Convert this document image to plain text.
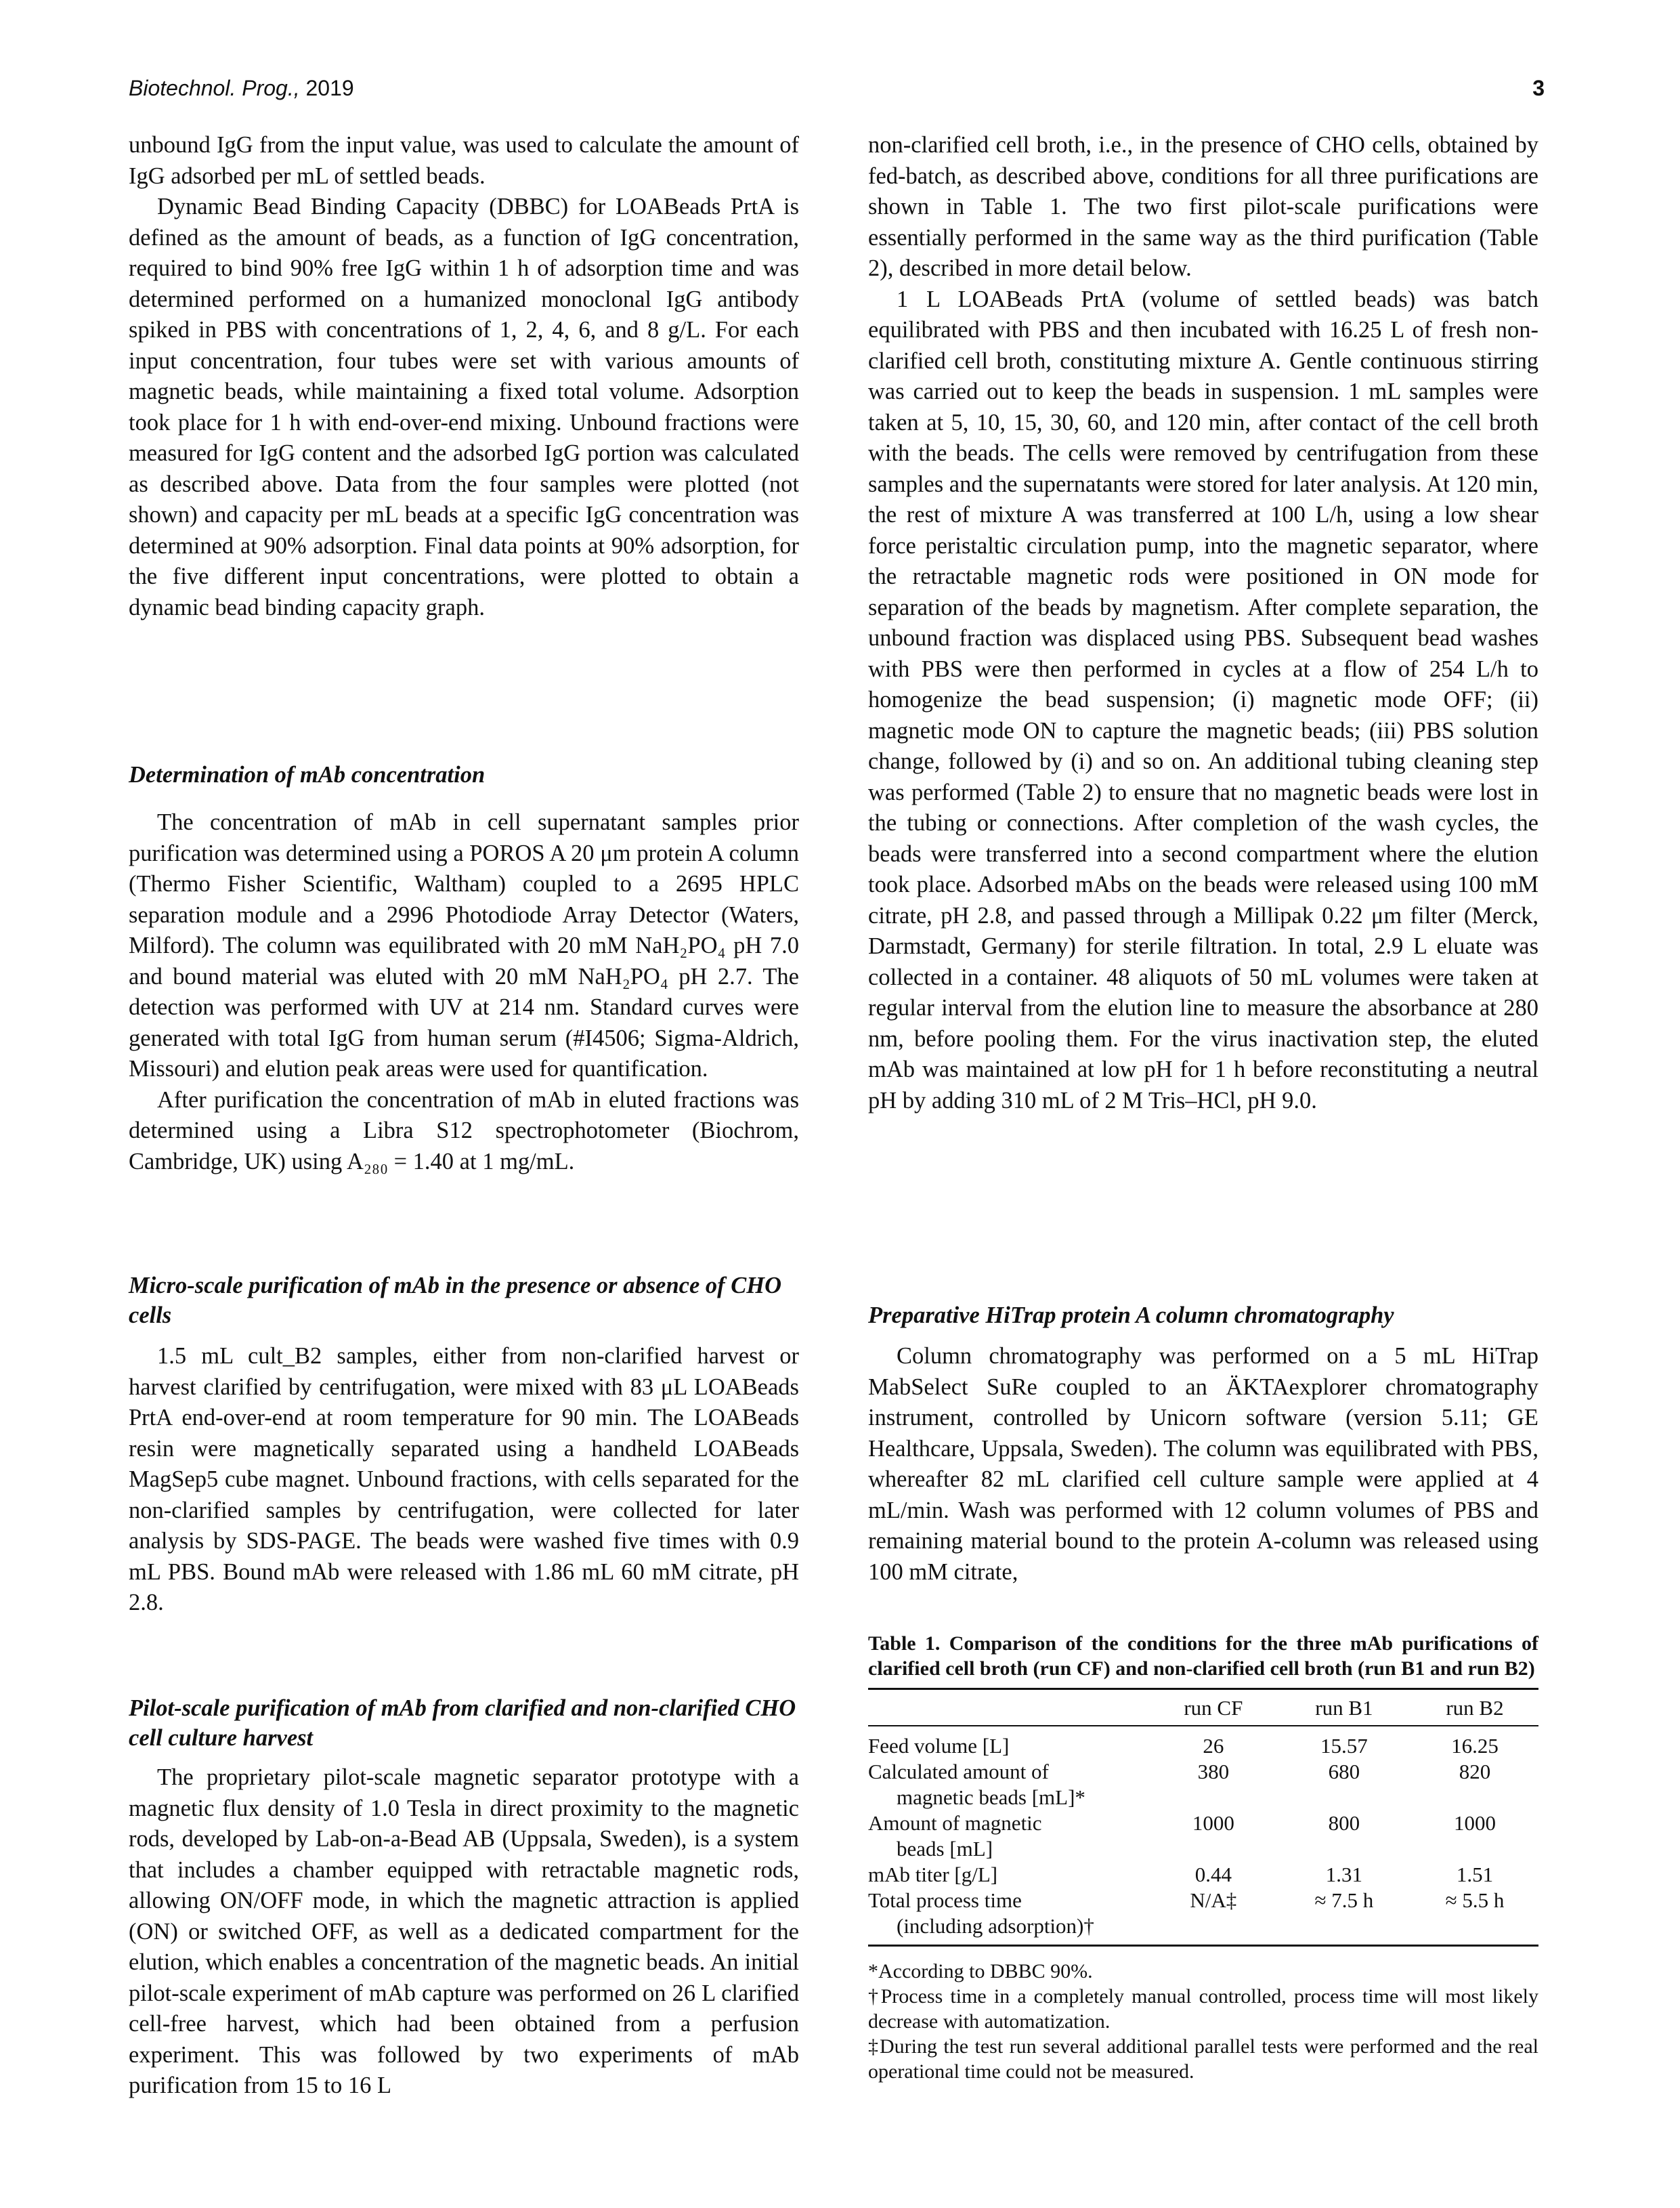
Biotechnol. Prog., 2019	3

unbound IgG from the input value, was used to calculate the amount of IgG adsorbed per mL of settled beads.

Dynamic Bead Binding Capacity (DBBC) for LOABeads PrtA is defined as the amount of beads, as a function of IgG concentration, required to bind 90% free IgG within 1 h of adsorption time and was determined performed on a humanized monoclonal IgG antibody spiked in PBS with concentrations of 1, 2, 4, 6, and 8 g/L. For each input concentration, four tubes were set with various amounts of magnetic beads, while maintaining a fixed total volume. Adsorption took place for 1 h with end-over-end mixing. Unbound fractions were measured for IgG content and the adsorbed IgG portion was calculated as described above. Data from the four samples were plotted (not shown) and capacity per mL beads at a specific IgG concentration was determined at 90% adsorption. Final data points at 90% adsorption, for the five different input concentrations, were plotted to obtain a dynamic bead binding capacity graph.

Determination of mAb concentration

The concentration of mAb in cell supernatant samples prior purification was determined using a POROS A 20 μm protein A column (Thermo Fisher Scientific, Waltham) coupled to a 2695 HPLC separation module and a 2996 Photodiode Array Detector (Waters, Milford). The column was equilibrated with 20 mM NaH₂PO₄ pH 7.0 and bound material was eluted with 20 mM NaH₂PO₄ pH 2.7. The detection was performed with UV at 214 nm. Standard curves were generated with total IgG from human serum (#I4506; Sigma-Aldrich, Missouri) and elution peak areas were used for quantification.

After purification the concentration of mAb in eluted fractions was determined using a Libra S12 spectrophotometer (Biochrom, Cambridge, UK) using A₂₈₀ = 1.40 at 1 mg/mL.

Micro-scale purification of mAb in the presence or absence of CHO cells

1.5 mL cult_B2 samples, either from non-clarified harvest or harvest clarified by centrifugation, were mixed with 83 μL LOABeads PrtA end-over-end at room temperature for 90 min. The LOABeads resin were magnetically separated using a handheld LOABeads MagSep5 cube magnet. Unbound fractions, with cells separated for the non-clarified samples by centrifugation, were collected for later analysis by SDS-PAGE. The beads were washed five times with 0.9 mL PBS. Bound mAb were released with 1.86 mL 60 mM citrate, pH 2.8.

Pilot-scale purification of mAb from clarified and non-clarified CHO cell culture harvest

The proprietary pilot-scale magnetic separator prototype with a magnetic flux density of 1.0 Tesla in direct proximity to the magnetic rods, developed by Lab-on-a-Bead AB (Uppsala, Sweden), is a system that includes a chamber equipped with retractable magnetic rods, allowing ON/OFF mode, in which the magnetic attraction is applied (ON) or switched OFF, as well as a dedicated compartment for the elution, which enables a concentration of the magnetic beads. An initial pilot-scale experiment of mAb capture was performed on 26 L clarified cell-free harvest, which had been obtained from a perfusion experiment. This was followed by two experiments of mAb purification from 15 to 16 L

non-clarified cell broth, i.e., in the presence of CHO cells, obtained by fed-batch, as described above, conditions for all three purifications are shown in Table 1. The two first pilot-scale purifications were essentially performed in the same way as the third purification (Table 2), described in more detail below.

1 L LOABeads PrtA (volume of settled beads) was batch equilibrated with PBS and then incubated with 16.25 L of fresh non-clarified cell broth, constituting mixture A. Gentle continuous stirring was carried out to keep the beads in suspension. 1 mL samples were taken at 5, 10, 15, 30, 60, and 120 min, after contact of the cell broth with the beads. The cells were removed by centrifugation from these samples and the supernatants were stored for later analysis. At 120 min, the rest of mixture A was transferred at 100 L/h, using a low shear force peristaltic circulation pump, into the magnetic separator, where the retractable magnetic rods were positioned in ON mode for separation of the beads by magnetism. After complete separation, the unbound fraction was displaced using PBS. Subsequent bead washes with PBS were then performed in cycles at a flow of 254 L/h to homogenize the bead suspension; (i) magnetic mode OFF; (ii) magnetic mode ON to capture the magnetic beads; (iii) PBS solution change, followed by (i) and so on. An additional tubing cleaning step was performed (Table 2) to ensure that no magnetic beads were lost in the tubing or connections. After completion of the wash cycles, the beads were transferred into a second compartment where the elution took place. Adsorbed mAbs on the beads were released using 100 mM citrate, pH 2.8, and passed through a Millipak 0.22 μm filter (Merck, Darmstadt, Germany) for sterile filtration. In total, 2.9 L eluate was collected in a container. 48 aliquots of 50 mL volumes were taken at regular interval from the elution line to measure the absorbance at 280 nm, before pooling them. For the virus inactivation step, the eluted mAb was maintained at low pH for 1 h before reconstituting a neutral pH by adding 310 mL of 2 M Tris–HCl, pH 9.0.

Preparative HiTrap protein A column chromatography

Column chromatography was performed on a 5 mL HiTrap MabSelect SuRe coupled to an ÄKTAexplorer chromatography instrument, controlled by Unicorn software (version 5.11; GE Healthcare, Uppsala, Sweden). The column was equilibrated with PBS, whereafter 82 mL clarified cell culture sample were applied at 4 mL/min. Wash was performed with 12 column volumes of PBS and remaining material bound to the protein A-column was released using 100 mM citrate,

Table 1. Comparison of the conditions for the three mAb purifications of clarified cell broth (run CF) and non-clarified cell broth (run B1 and run B2)
	run CF	run B1	run B2

Feed volume [L]	26	15.57	16.25

Calculated amount of
magnetic beads [mL]*	380	680	820

Amount of magnetic
beads [mL]	1000	800	1000

mAb titer [g/L]	0.44	1.31	1.51

Total process time
(including adsorption)†	N/A‡	≈ 7.5 h	≈ 5.5 h
*According to DBBC 90%.
†Process time in a completely manual controlled, process time will most likely decrease with automatization.
‡During the test run several additional parallel tests were performed and the real operational time could not be measured.
